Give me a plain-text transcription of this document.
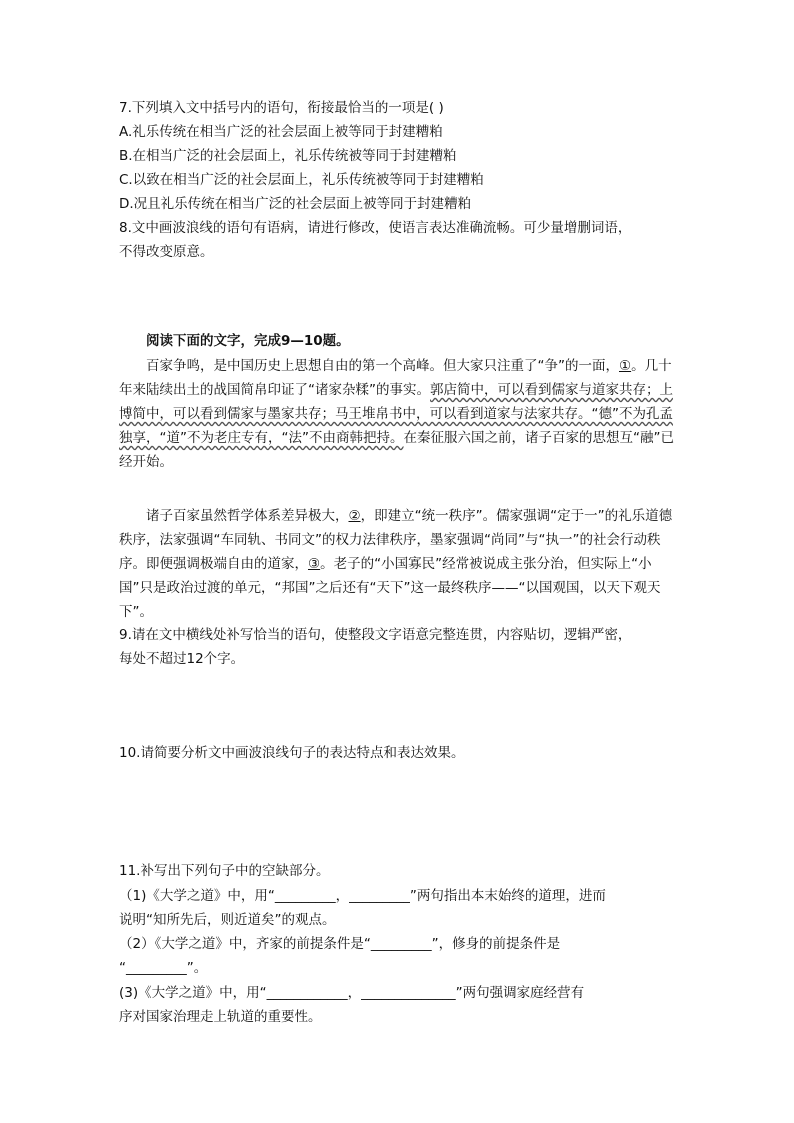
7.下列填入文中括号内的语句，衔接最恰当的一项是( )
A.礼乐传统在相当广泛的社会层面上被等同于封建糟粕
B.在相当广泛的社会层面上，礼乐传统被等同于封建糟粕
C.以致在相当广泛的社会层面上，礼乐传统被等同于封建糟粕
D.况且礼乐传统在相当广泛的社会层面上被等同于封建糟粕
8.文中画波浪线的语句有语病，请进行修改，使语言表达准确流畅。可少量增删词语，
不得改变原意。
阅读下面的文字，完成9—10题。
百家争鸣，是中国历史上思想自由的第一个高峰。但大家只注重了“争”的一面，①。几十年来陆续出土的战国简帛印证了“诸家杂糅”的事实。郭店简中，可以看到儒家与道家共存；上博简中，可以看到儒家与墨家共存；马王堆帛书中，可以看到道家与法家共存。“德”不为孔孟独享，“道”不为老庄专有，“法”不由商韩把持。在秦征服六国之前，诸子百家的思想互“融”已经开始。
诸子百家虽然哲学体系差异极大，②，即建立“统一秩序”。儒家强调“定于一”的礼乐道德秩序，法家强调“车同轨、书同文”的权力法律秩序，墨家强调“尚同”与“执一”的社会行动秩序。即便强调极端自由的道家，③。老子的“小国寡民”经常被说成主张分治，但实际上“小国”只是政治过渡的单元，“邦国”之后还有“天下”这一最终秩序——“以国观国，以天下观天下”。
9.请在文中横线处补写恰当的语句，使整段文字语意完整连贯，内容贴切，逻辑严密，
每处不超过12个字。
10.请简要分析文中画波浪线句子的表达特点和表达效果。
11.补写出下列句子中的空缺部分。
（1)《大学之道》中，用“_________，_________”两句指出本末始终的道理，进而
说明“知所先后，则近道矣”的观点。
（2）《大学之道》中，齐家的前提条件是“_________”，修身的前提条件是
“_________”。
(3)《大学之道》中，用“____________，______________”两句强调家庭经营有
序对国家治理走上轨道的重要性。
